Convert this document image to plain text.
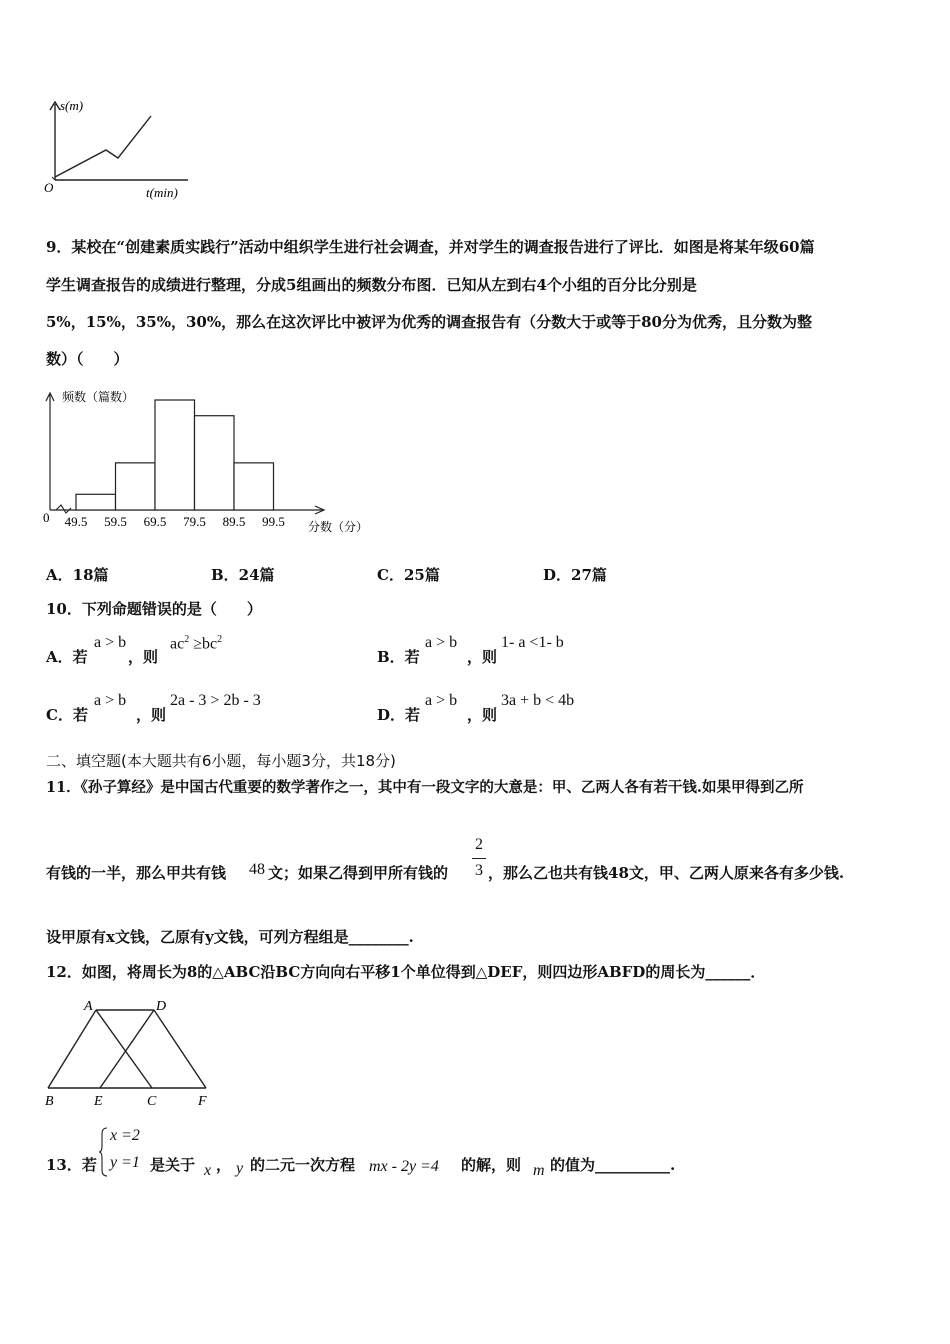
s(m)
t(min)
O
9．某校在“创建素质实践行”活动中组织学生进行社会调查，并对学生的调查报告进行了评比．如图是将某年级60篇
学生调查报告的成绩进行整理，分成5组画出的频数分布图．已知从左到右4个小组的百分比分别是
5%，15%，35%，30%，那么在这次评比中被评为优秀的调查报告有（分数大于或等于80分为优秀，且分数为整
数）（　　）
49.5 59.5 69.5 79.5 89.5 99.5
频数（篇数）
分数（分）
0
A．18篇	B．24篇	C．25篇	D．27篇
10．下列命题错误的是（　　）
A．若
a > b
，则
$ac^2 \ge bc^2$
B．若
a > b
，则
1- a <1- b
C．若
a > b
，则
2a - 3 > 2b - 3
D．若
a > b
，则
3a + b < 4b
二、填空题(本大题共有6小题，每小题3分，共18分)
11．《孙子算经》是中国古代重要的数学著作之一，其中有一段文字的大意是：甲、乙两人各有若干钱.如果甲得到乙所
有钱的一半，那么甲共有钱 48 文；如果乙得到甲所有钱的
2
3 ，那么乙也共有钱48文，甲、乙两人原来各有多少钱.
设甲原有x文钱，乙原有y文钱，可列方程组是________.
12．如图，将周长为8的△ABC沿BC方向向右平移1个单位得到△DEF，则四边形ABFD的周长为______．
A	D
B	E	C	F
13．若
x =2
y =1 是关于 x ， y 的二元一次方程 mx - 2y =4 的解，则 m 的值为__________.
